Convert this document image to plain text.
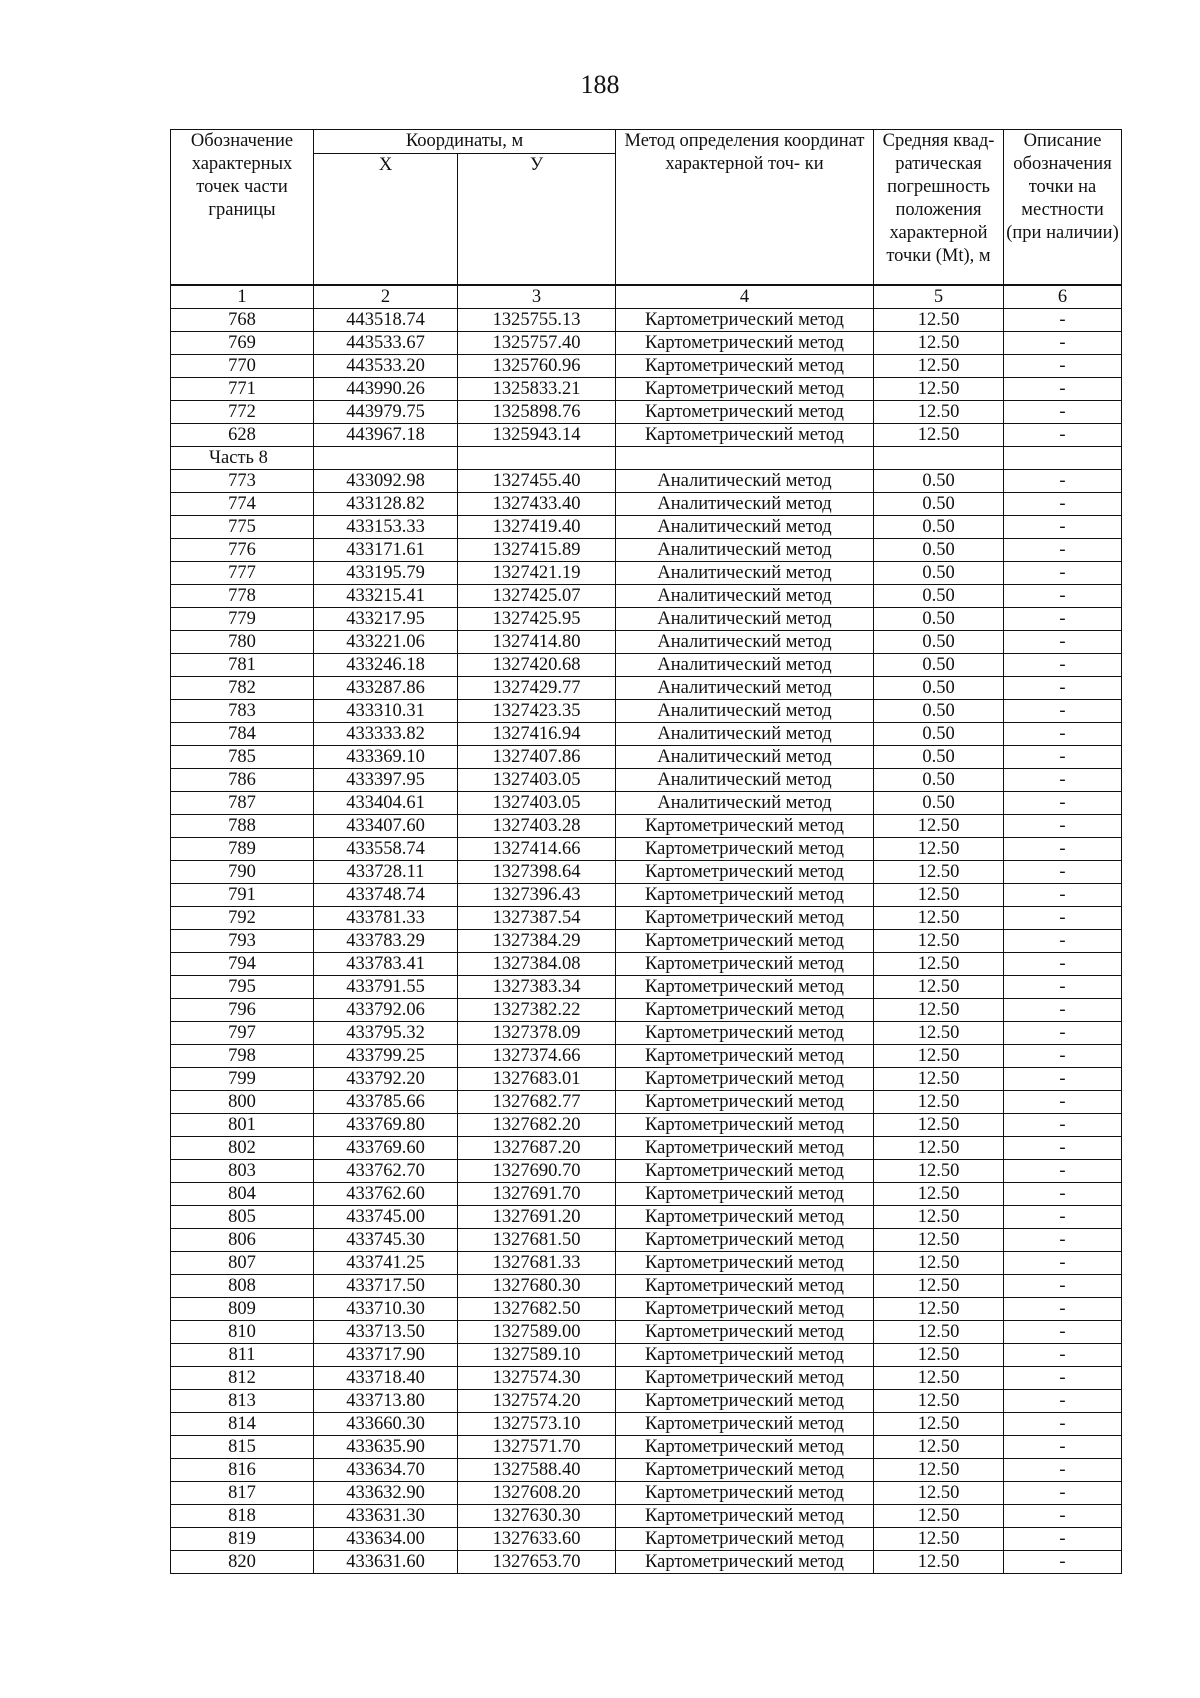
188
Обозначение характерных точек части границы	Координаты, м		Метод определения координат характерной точ- ки	Средняя квад- ратическая погрешность положения характерной точки (Mt), м	Описание обозначения точки на местности (при наличии)
	X	У			
1	2	3	4	5	6
768	443518.74	1325755.13	Картометрический метод	12.50	-
769	443533.67	1325757.40	Картометрический метод	12.50	-
770	443533.20	1325760.96	Картометрический метод	12.50	-
771	443990.26	1325833.21	Картометрический метод	12.50	-
772	443979.75	1325898.76	Картометрический метод	12.50	-
628	443967.18	1325943.14	Картометрический метод	12.50	-
Часть 8					
773	433092.98	1327455.40	Аналитический метод	0.50	-
774	433128.82	1327433.40	Аналитический метод	0.50	-
775	433153.33	1327419.40	Аналитический метод	0.50	-
776	433171.61	1327415.89	Аналитический метод	0.50	-
777	433195.79	1327421.19	Аналитический метод	0.50	-
778	433215.41	1327425.07	Аналитический метод	0.50	-
779	433217.95	1327425.95	Аналитический метод	0.50	-
780	433221.06	1327414.80	Аналитический метод	0.50	-
781	433246.18	1327420.68	Аналитический метод	0.50	-
782	433287.86	1327429.77	Аналитический метод	0.50	-
783	433310.31	1327423.35	Аналитический метод	0.50	-
784	433333.82	1327416.94	Аналитический метод	0.50	-
785	433369.10	1327407.86	Аналитический метод	0.50	-
786	433397.95	1327403.05	Аналитический метод	0.50	-
787	433404.61	1327403.05	Аналитический метод	0.50	-
788	433407.60	1327403.28	Картометрический метод	12.50	-
789	433558.74	1327414.66	Картометрический метод	12.50	-
790	433728.11	1327398.64	Картометрический метод	12.50	-
791	433748.74	1327396.43	Картометрический метод	12.50	-
792	433781.33	1327387.54	Картометрический метод	12.50	-
793	433783.29	1327384.29	Картометрический метод	12.50	-
794	433783.41	1327384.08	Картометрический метод	12.50	-
795	433791.55	1327383.34	Картометрический метод	12.50	-
796	433792.06	1327382.22	Картометрический метод	12.50	-
797	433795.32	1327378.09	Картометрический метод	12.50	-
798	433799.25	1327374.66	Картометрический метод	12.50	-
799	433792.20	1327683.01	Картометрический метод	12.50	-
800	433785.66	1327682.77	Картометрический метод	12.50	-
801	433769.80	1327682.20	Картометрический метод	12.50	-
802	433769.60	1327687.20	Картометрический метод	12.50	-
803	433762.70	1327690.70	Картометрический метод	12.50	-
804	433762.60	1327691.70	Картометрический метод	12.50	-
805	433745.00	1327691.20	Картометрический метод	12.50	-
806	433745.30	1327681.50	Картометрический метод	12.50	-
807	433741.25	1327681.33	Картометрический метод	12.50	-
808	433717.50	1327680.30	Картометрический метод	12.50	-
809	433710.30	1327682.50	Картометрический метод	12.50	-
810	433713.50	1327589.00	Картометрический метод	12.50	-
811	433717.90	1327589.10	Картометрический метод	12.50	-
812	433718.40	1327574.30	Картометрический метод	12.50	-
813	433713.80	1327574.20	Картометрический метод	12.50	-
814	433660.30	1327573.10	Картометрический метод	12.50	-
815	433635.90	1327571.70	Картометрический метод	12.50	-
816	433634.70	1327588.40	Картометрический метод	12.50	-
817	433632.90	1327608.20	Картометрический метод	12.50	-
818	433631.30	1327630.30	Картометрический метод	12.50	-
819	433634.00	1327633.60	Картометрический метод	12.50	-
820	433631.60	1327653.70	Картометрический метод	12.50	-
